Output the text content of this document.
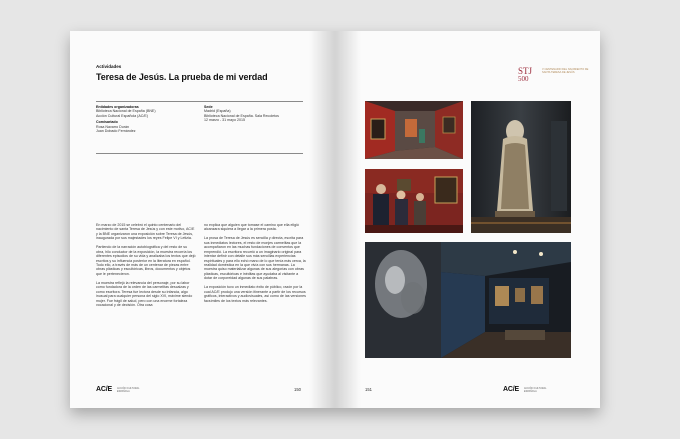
Actividades
Teresa de Jesús. La prueba de mi verdad
Entidades organizadoras
Biblioteca Nacional de España (BNE)
Acción Cultural Española (AC/E)
Comisariado
Rosa Navarro Durán
Juan Dobado Fernández
Sede
Madrid (España)
Biblioteca Nacional de España. Sala Recoletos
12 marzo - 31 mayo 2015

En marzo de 2015 se celebró el quinto centenario del nacimiento de santa Teresa de Jesús y con este motivo, AC/E y la BNE organizaron una exposición sobre Teresa de Jesús, inaugurada por sus majestades los reyes Felipe VI y Letizia.

Partiendo de la narración autobiográfica y del resto de su obra, hilo conductor de la exposición, la muestra recorría los diferentes episodios de su vida y analizaba los textos que dejó escritos y su influencia posterior en la literatura en español. Todo ello, a través de más de un centenar de piezas entre obras plásticas y escultóricas, libros, documentos y objetos que le pertenecieron.

La muestra reflejó la relevancia del personaje, por su labor como fundadora de la orden de las carmelitas descalzas y como escritora. Teresa fue lectora desde su infancia, algo inusual para cualquier persona del siglo XVI, máxime siendo mujer. Fue frágil de salud, pero con una enorme fortaleza vocacional y de decisión. Otra cosa

no explica que alguien que tomase el camino que ella eligió alcanzara siquiera a llegar a la primera posta.

La prosa de Teresa de Jesús es sencilla y directa, escrita para sus inmediatos lectores, el resto de monjes carmelitas que la acompañaron en las muchas fundaciones de conventos que emprendió. La escritora recurrió a un imaginario original para intentar definir con detalle sus más sencillas experiencias espirituales y para ello echó mano de lo que tenía más cerca, la realidad doméstica en la que vivía con sus hermanas. La muestra quiso materializar algunas de sus alegorías con obras plásticas, escultóricas e inéditas que ayudaba al visitante a dotar de corporeidad algunas de sus palabras.

La exposición tuvo un inmediato éxito de público, razón por la cual AC/E produjo una versión itinerante a partir de los recursos gráficos, interactivos y audiovisuales, así como de las versiones facsímiles de los textos más relevantes.

AC/E ACCIÓN CULTURAL ESPAÑOLA	150
STJ
500
V CENTENARIO DEL NACIMIENTO DE SANTA TERESA DE JESÚS
151	AC/E ACCIÓN CULTURAL ESPAÑOLA
